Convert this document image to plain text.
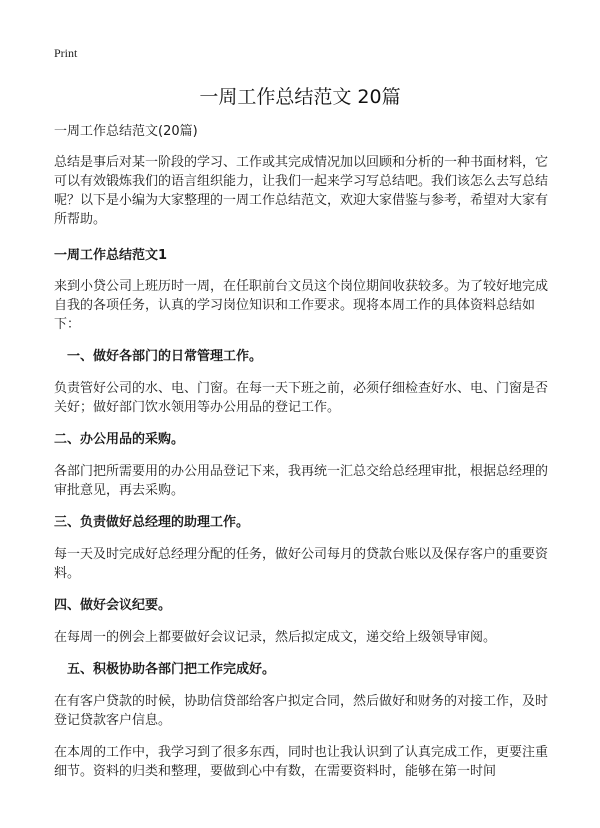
Print
一周工作总结范文 20篇

一周工作总结范文(20篇)

总结是事后对某一阶段的学习、工作或其完成情况加以回顾和分析的一种书面材料，它可以有效锻炼我们的语言组织能力，让我们一起来学习写总结吧。我们该怎么去写总结呢？以下是小编为大家整理的一周工作总结范文，欢迎大家借鉴与参考，希望对大家有所帮助。

一周工作总结范文1

来到小贷公司上班历时一周，在任职前台文员这个岗位期间收获较多。为了较好地完成自我的各项任务，认真的学习岗位知识和工作要求。现将本周工作的具体资料总结如下：

一、做好各部门的日常管理工作。

负责管好公司的水、电、门窗。在每一天下班之前，必须仔细检查好水、电、门窗是否关好；做好部门饮水领用等办公用品的登记工作。

二、办公用品的采购。

各部门把所需要用的办公用品登记下来，我再统一汇总交给总经理审批，根据总经理的审批意见，再去采购。

三、负责做好总经理的助理工作。

每一天及时完成好总经理分配的任务，做好公司每月的贷款台账以及保存客户的重要资料。

四、做好会议纪要。

在每周一的例会上都要做好会议记录，然后拟定成文，递交给上级领导审阅。

五、积极协助各部门把工作完成好。

在有客户贷款的时候，协助信贷部给客户拟定合同，然后做好和财务的对接工作，及时登记贷款客户信息。

在本周的工作中，我学习到了很多东西，同时也让我认识到了认真完成工作，更要注重细节。资料的归类和整理，要做到心中有数，在需要资料时，能够在第一时间
